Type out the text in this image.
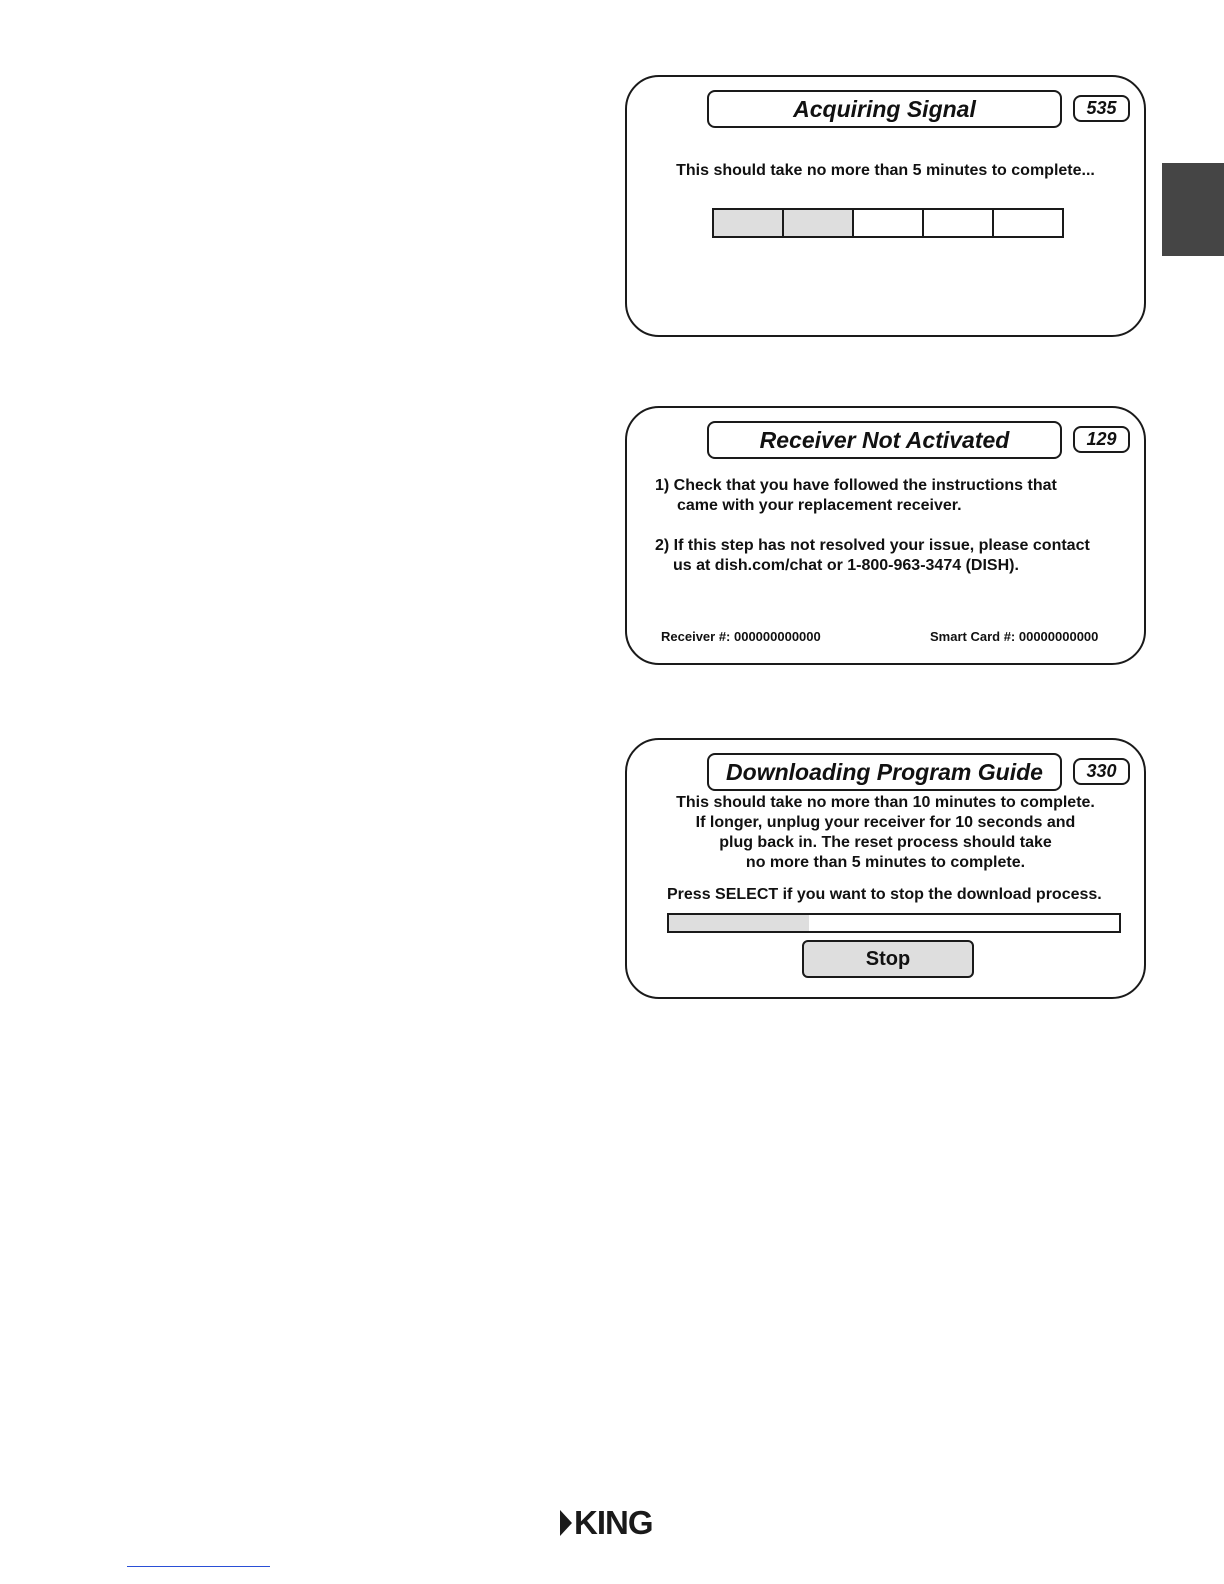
Acquiring Signal	535
This should take no more than 5 minutes to complete...
Receiver Not Activated	129
1) Check that you have followed the instructions that
came with your replacement receiver.
2) If this step has not resolved your issue, please contact
us at dish.com/chat or 1-800-963-3474 (DISH).
Receiver #: 000000000000	Smart Card #: 00000000000
Downloading Program Guide	330
This should take no more than 10 minutes to complete.
If longer, unplug your receiver for 10 seconds and
plug back in. The reset process should take
no more than 5 minutes to complete.
Press SELECT if you want to stop the download process.
Stop
KING
